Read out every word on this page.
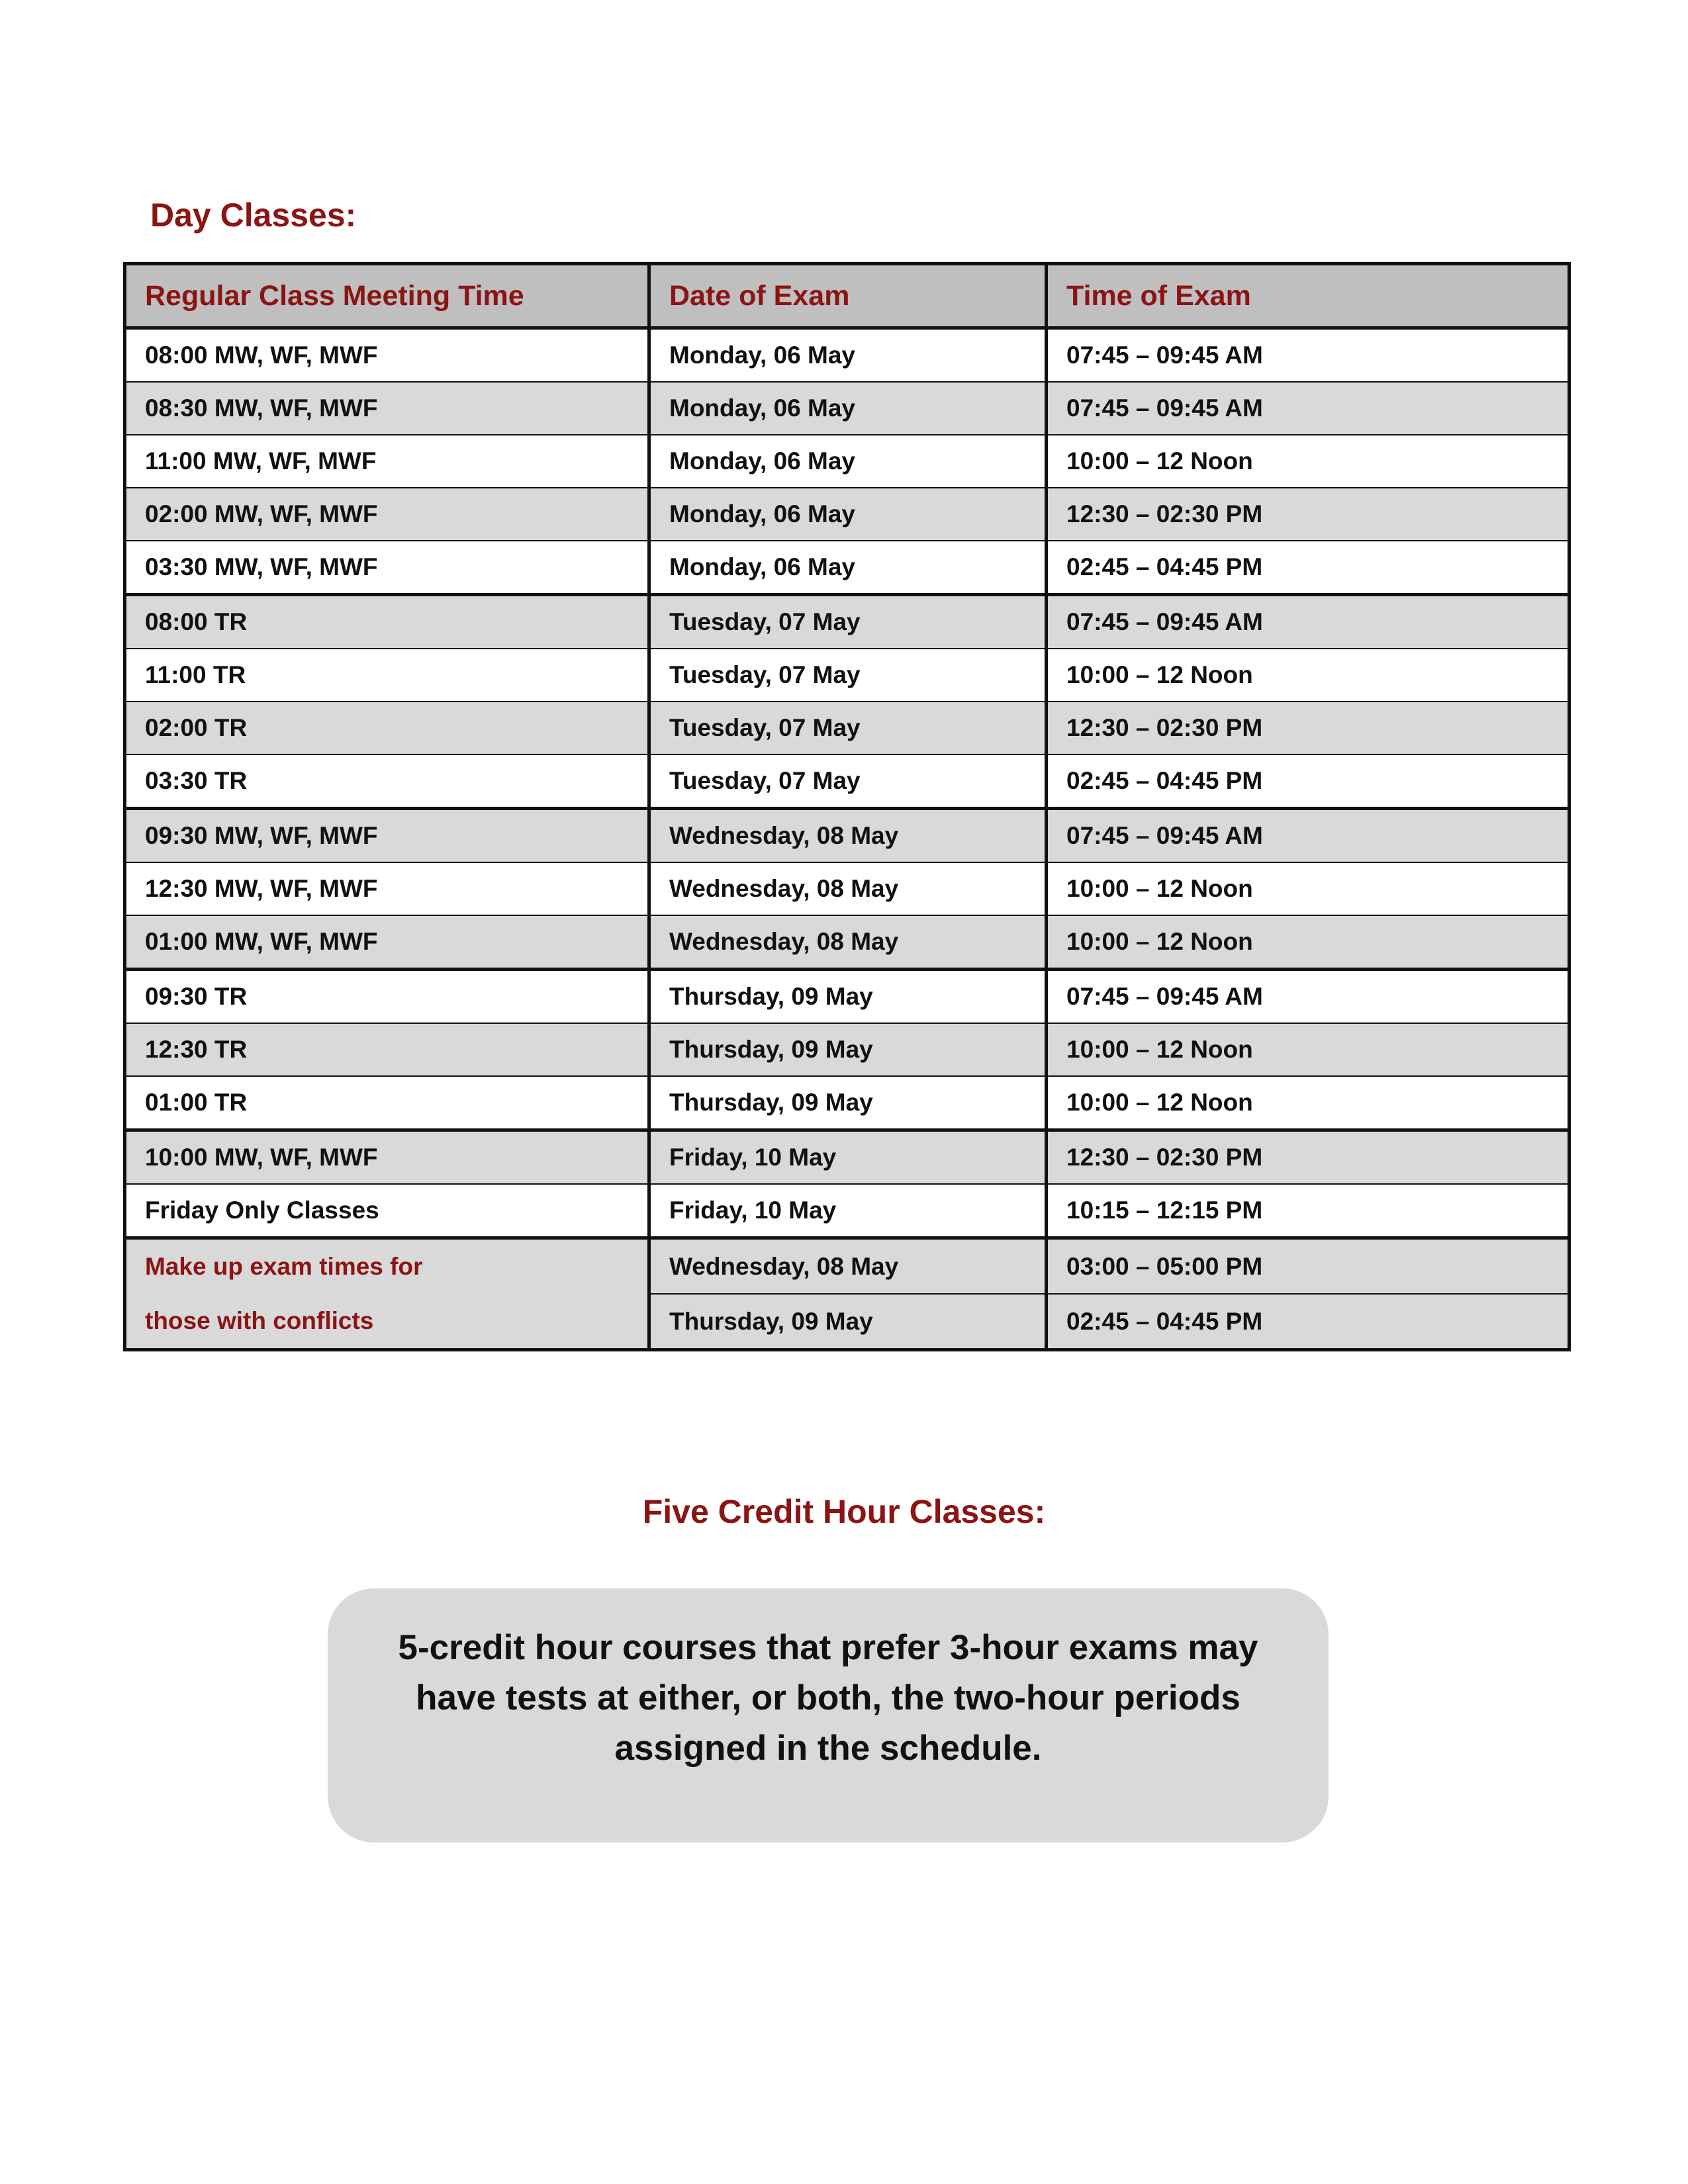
Day Classes:
Regular Class Meeting Time	Date of Exam	Time of Exam
08:00 MW, WF, MWF	Monday, 06 May	07:45 – 09:45 AM
08:30 MW, WF, MWF	Monday, 06 May	07:45 – 09:45 AM
11:00 MW, WF, MWF	Monday, 06 May	10:00 – 12 Noon
02:00 MW, WF, MWF	Monday, 06 May	12:30 – 02:30 PM
03:30 MW, WF, MWF	Monday, 06 May	02:45 – 04:45 PM
08:00 TR	Tuesday, 07 May	07:45 – 09:45 AM
11:00 TR	Tuesday, 07 May	10:00 – 12 Noon
02:00 TR	Tuesday, 07 May	12:30 – 02:30 PM
03:30 TR	Tuesday, 07 May	02:45 – 04:45 PM
09:30 MW, WF, MWF	Wednesday, 08 May	07:45 – 09:45 AM
12:30 MW, WF, MWF	Wednesday, 08 May	10:00 – 12 Noon
01:00 MW, WF, MWF	Wednesday, 08 May	10:00 – 12 Noon
09:30 TR	Thursday, 09 May	07:45 – 09:45 AM
12:30 TR	Thursday, 09 May	10:00 – 12 Noon
01:00 TR	Thursday, 09 May	10:00 – 12 Noon
10:00 MW, WF, MWF	Friday, 10 May	12:30 – 02:30 PM
Friday Only Classes	Friday, 10 May	10:15 – 12:15 PM

Make up exam times for
those with conflicts	Wednesday, 08 May	03:00 – 05:00 PM
	Thursday, 09 May	02:45 – 04:45 PM
Five Credit Hour Classes:
5-credit hour courses that prefer 3-hour exams may
have tests at either, or both, the two-hour periods
assigned in the schedule.
